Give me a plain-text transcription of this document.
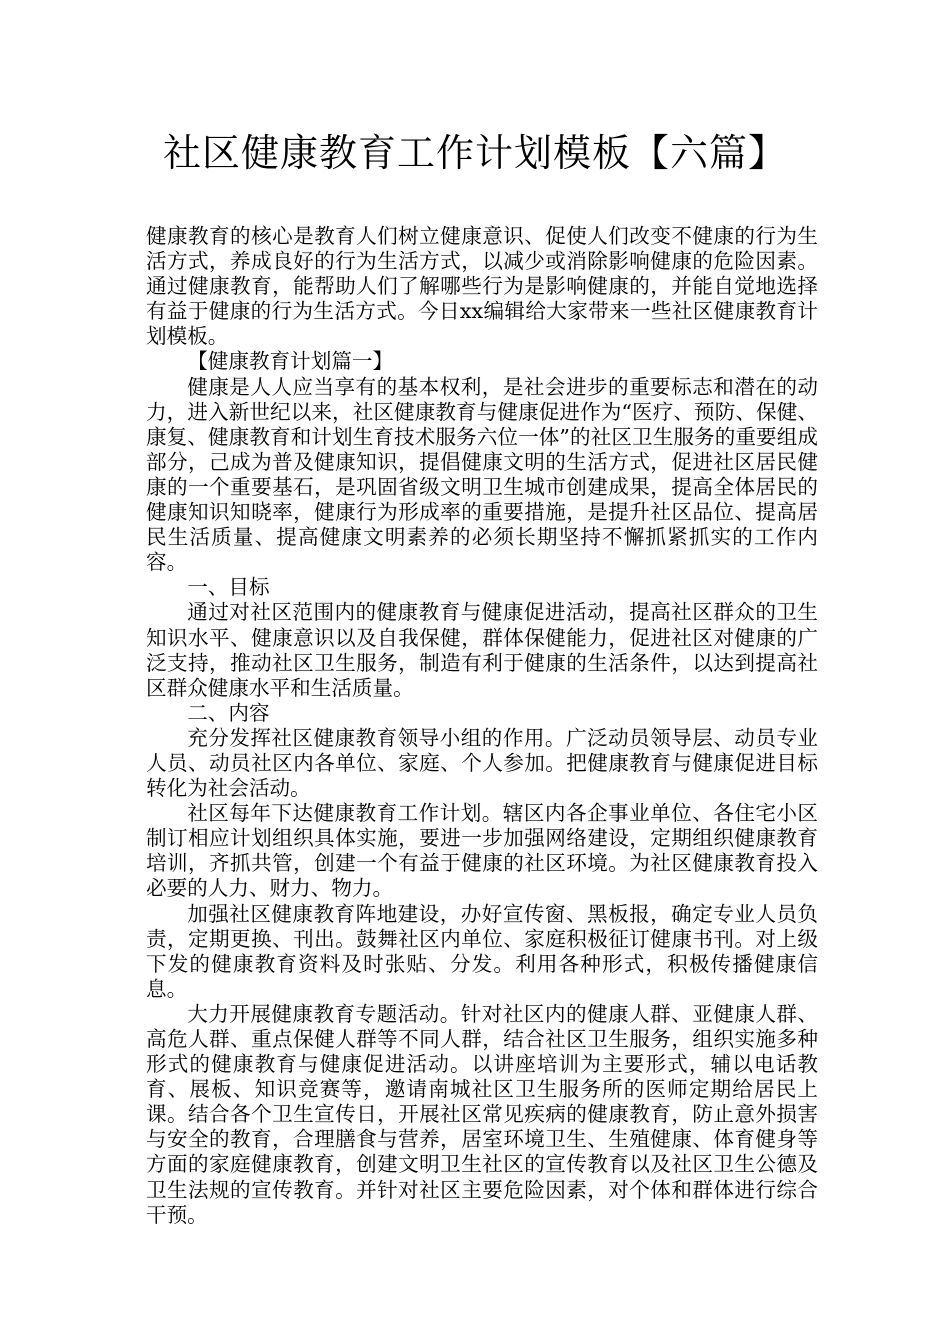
社区健康教育工作计划模板【六篇】

健康教育的核心是教育人们树立健康意识、促使人们改变不健康的行为生活方式，养成良好的行为生活方式，以减少或消除影响健康的危险因素。通过健康教育，能帮助人们了解哪些行为是影响健康的，并能自觉地选择有益于健康的行为生活方式。今日xx编辑给大家带来一些社区健康教育计划模板。

【健康教育计划篇一】

健康是人人应当享有的基本权利，是社会进步的重要标志和潜在的动力，进入新世纪以来，社区健康教育与健康促进作为“医疗、预防、保健、康复、健康教育和计划生育技术服务六位一体”的社区卫生服务的重要组成部分，己成为普及健康知识，提倡健康文明的生活方式，促进社区居民健康的一个重要基石，是巩固省级文明卫生城市创建成果，提高全体居民的健康知识知晓率，健康行为形成率的重要措施，是提升社区品位、提高居民生活质量、提高健康文明素养的必须长期坚持不懈抓紧抓实的工作内容。

一、目标

通过对社区范围内的健康教育与健康促进活动，提高社区群众的卫生知识水平、健康意识以及自我保健，群体保健能力，促进社区对健康的广泛支持，推动社区卫生服务，制造有利于健康的生活条件，以达到提高社区群众健康水平和生活质量。

二、内容

充分发挥社区健康教育领导小组的作用。广泛动员领导层、动员专业人员、动员社区内各单位、家庭、个人参加。把健康教育与健康促进目标转化为社会活动。

社区每年下达健康教育工作计划。辖区内各企事业单位、各住宅小区制订相应计划组织具体实施，要进一步加强网络建设，定期组织健康教育培训，齐抓共管，创建一个有益于健康的社区环境。为社区健康教育投入必要的人力、财力、物力。

加强社区健康教育阵地建设，办好宣传窗、黑板报，确定专业人员负责，定期更换、刊出。鼓舞社区内单位、家庭积极征订健康书刊。对上级下发的健康教育资料及时张贴、分发。利用各种形式，积极传播健康信息。

大力开展健康教育专题活动。针对社区内的健康人群、亚健康人群、高危人群、重点保健人群等不同人群，结合社区卫生服务，组织实施多种形式的健康教育与健康促进活动。以讲座培训为主要形式，辅以电话教育、展板、知识竞赛等，邀请南城社区卫生服务所的医师定期给居民上课。结合各个卫生宣传日，开展社区常见疾病的健康教育，防止意外损害与安全的教育，合理膳食与营养，居室环境卫生、生殖健康、体育健身等方面的家庭健康教育，创建文明卫生社区的宣传教育以及社区卫生公德及卫生法规的宣传教育。并针对社区主要危险因素，对个体和群体进行综合干预。
